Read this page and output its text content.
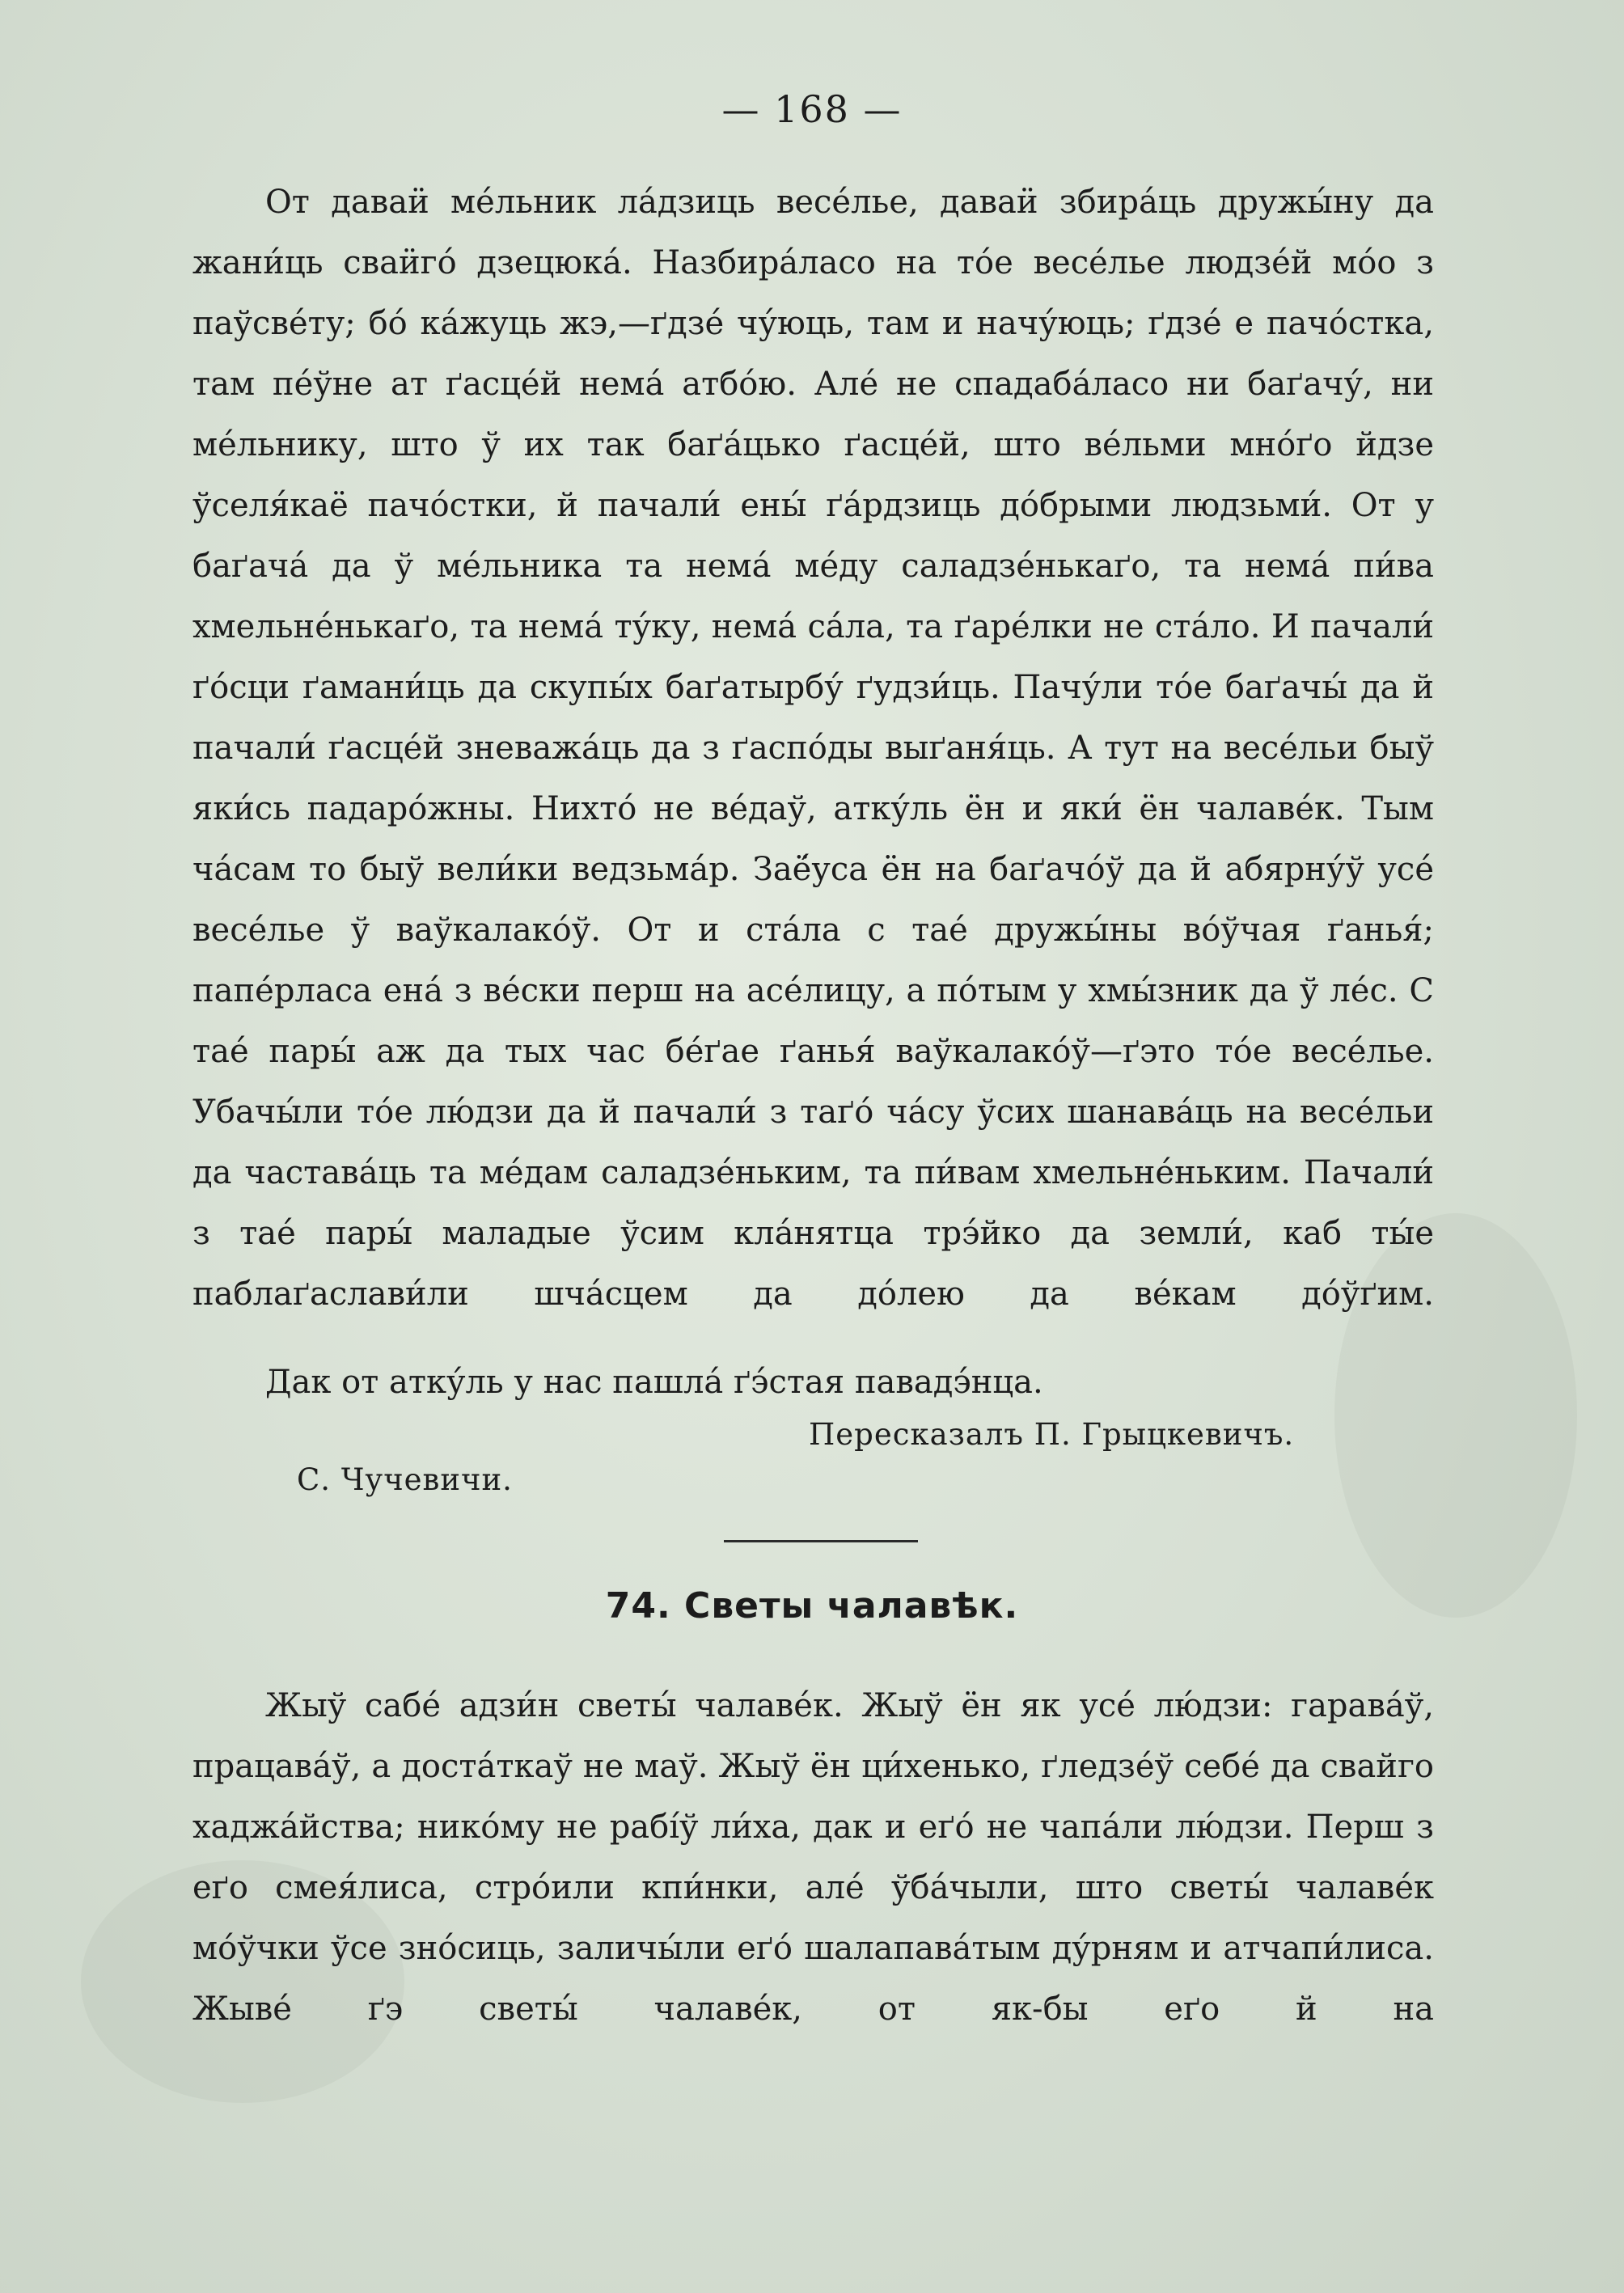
— 168 —

От даваӥ ме́льник ла́дзиць весе́лье, даваӥ збира́ць дружы́ну да жани́ць сваӥго́ дзецюка́. Назбира́ласо на то́е весе́лье людзе́й мо́о з паўсве́ту; бо́ ка́жуць жэ,—ґдзе́ чу́юць, там и начу́юць; ґдзе́ е пачо́стка, там пе́ўне ат ґасце́й нема́ атбо́ю. Але́ не спадаба́ласо ни баґачу́, ни ме́льнику, што ў их так баґа́цько ґасце́й, што ве́льми мно́ґо йдзе ўселя́каё пачо́стки, й пачали́ ены́ ґа́рдзиць до́брыми людзьми́. От у баґача́ да ў ме́льника та нема́ ме́ду саладзе́нькаґо, та нема́ пи́ва хмельне́нькаґо, та нема́ ту́ку, нема́ са́ла, та ґаре́лки не ста́ло. И пачали́ ґо́сци ґамани́ць да скупы́х баґатырбу́ ґудзи́ць. Пачу́ли то́е баґачы́ да й пачали́ ґасце́й зневажа́ць да з ґаспо́ды выґаня́ць. А тут на весе́льи быў яки́сь падаро́жны. Нихто́ не ве́даў, атку́ль ён и яки́ ён чалаве́к. Тым ча́сам то быў вели́ки ведзьма́р. Заё́уса ён на баґачо́ў да й абярну́ў усе́ весе́лье ў ваўкалако́ў. От и ста́ла с тае́ дружы́ны во́ўчая ґанья́; папе́рласа ена́ з ве́ски перш на асе́лицу, а по́тым у хмы́зник да ў ле́с. С тае́ пары́ аж да тых час бе́ґае ґанья́ ваўкалако́ў—ґэто то́е весе́лье. Убачы́ли то́е лю́дзи да й пачали́ з таґо́ ча́су ўсих шанава́ць на весе́льи да частава́ць та ме́дам саладзе́ньким, та пи́вам хмельне́ньким. Пачали́ з тае́ пары́ маладые ўсим кла́нятца трэ́йко да земли́, каб ты́е паблаґаслави́ли шча́сцем да до́лею да ве́кам до́ўґим.

Дак от атку́ль у нас пашла́ ґэ́стая павадэ́нца.
Пересказалъ П. Грыцкевичъ.
С. Чучевичи.
74. Светы чалавѣк.

Жыў сабе́ адзи́н светы́ чалаве́к. Жыў ён як усе́ лю́дзи: гарава́ў, працава́ў, а доста́ткаў не маў. Жыў ён ци́хенько, ґледзе́ў себе́ да свайго хаджа́йства; нико́му не рабі́ў ли́ха, дак и еґо́ не чапа́ли лю́дзи. Перш з еґо смея́лиса, стро́или кпи́нки, але́ ўба́чыли, што светы́ чалаве́к мо́ўчки ўсе зно́сиць, заличы́ли еґо́ шалапава́тым ду́рням и атчапи́лиса. Жыве́ ґэ светы́ чалаве́к, от як-бы еґо й на
